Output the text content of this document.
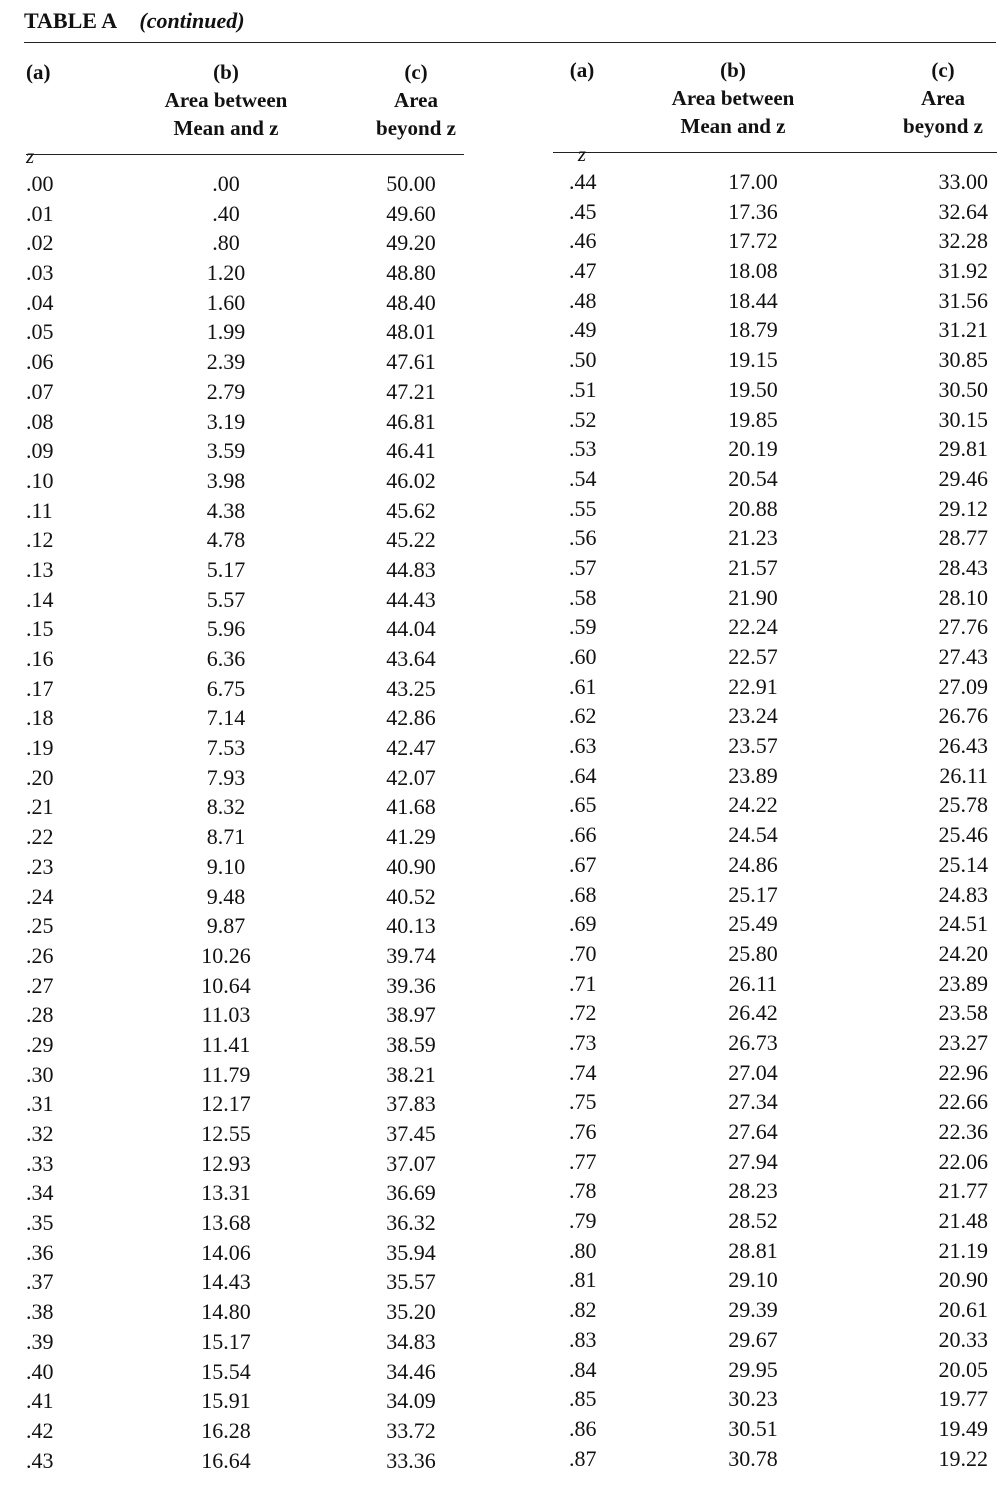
TABLE A (continued)
(a)

z
(b)
Area between
Mean and z
(c)
Area
beyond z
.00	.00	50.00
.01	.40	49.60
.02	.80	49.20
.03	1.20	48.80
.04	1.60	48.40
.05	1.99	48.01
.06	2.39	47.61
.07	2.79	47.21
.08	3.19	46.81
.09	3.59	46.41
.10	3.98	46.02
.11	4.38	45.62
.12	4.78	45.22
.13	5.17	44.83
.14	5.57	44.43
.15	5.96	44.04
.16	6.36	43.64
.17	6.75	43.25
.18	7.14	42.86
.19	7.53	42.47
.20	7.93	42.07
.21	8.32	41.68
.22	8.71	41.29
.23	9.10	40.90
.24	9.48	40.52
.25	9.87	40.13
.26	10.26	39.74
.27	10.64	39.36
.28	11.03	38.97
.29	11.41	38.59
.30	11.79	38.21
.31	12.17	37.83
.32	12.55	37.45
.33	12.93	37.07
.34	13.31	36.69
.35	13.68	36.32
.36	14.06	35.94
.37	14.43	35.57
.38	14.80	35.20
.39	15.17	34.83
.40	15.54	34.46
.41	15.91	34.09
.42	16.28	33.72
.43	16.64	33.36
(a)

z
(b)
Area between
Mean and z
(c)
Area
beyond z
.44	17.00	33.00
.45	17.36	32.64
.46	17.72	32.28
.47	18.08	31.92
.48	18.44	31.56
.49	18.79	31.21
.50	19.15	30.85
.51	19.50	30.50
.52	19.85	30.15
.53	20.19	29.81
.54	20.54	29.46
.55	20.88	29.12
.56	21.23	28.77
.57	21.57	28.43
.58	21.90	28.10
.59	22.24	27.76
.60	22.57	27.43
.61	22.91	27.09
.62	23.24	26.76
.63	23.57	26.43
.64	23.89	26.11
.65	24.22	25.78
.66	24.54	25.46
.67	24.86	25.14
.68	25.17	24.83
.69	25.49	24.51
.70	25.80	24.20
.71	26.11	23.89
.72	26.42	23.58
.73	26.73	23.27
.74	27.04	22.96
.75	27.34	22.66
.76	27.64	22.36
.77	27.94	22.06
.78	28.23	21.77
.79	28.52	21.48
.80	28.81	21.19
.81	29.10	20.90
.82	29.39	20.61
.83	29.67	20.33
.84	29.95	20.05
.85	30.23	19.77
.86	30.51	19.49
.87	30.78	19.22
